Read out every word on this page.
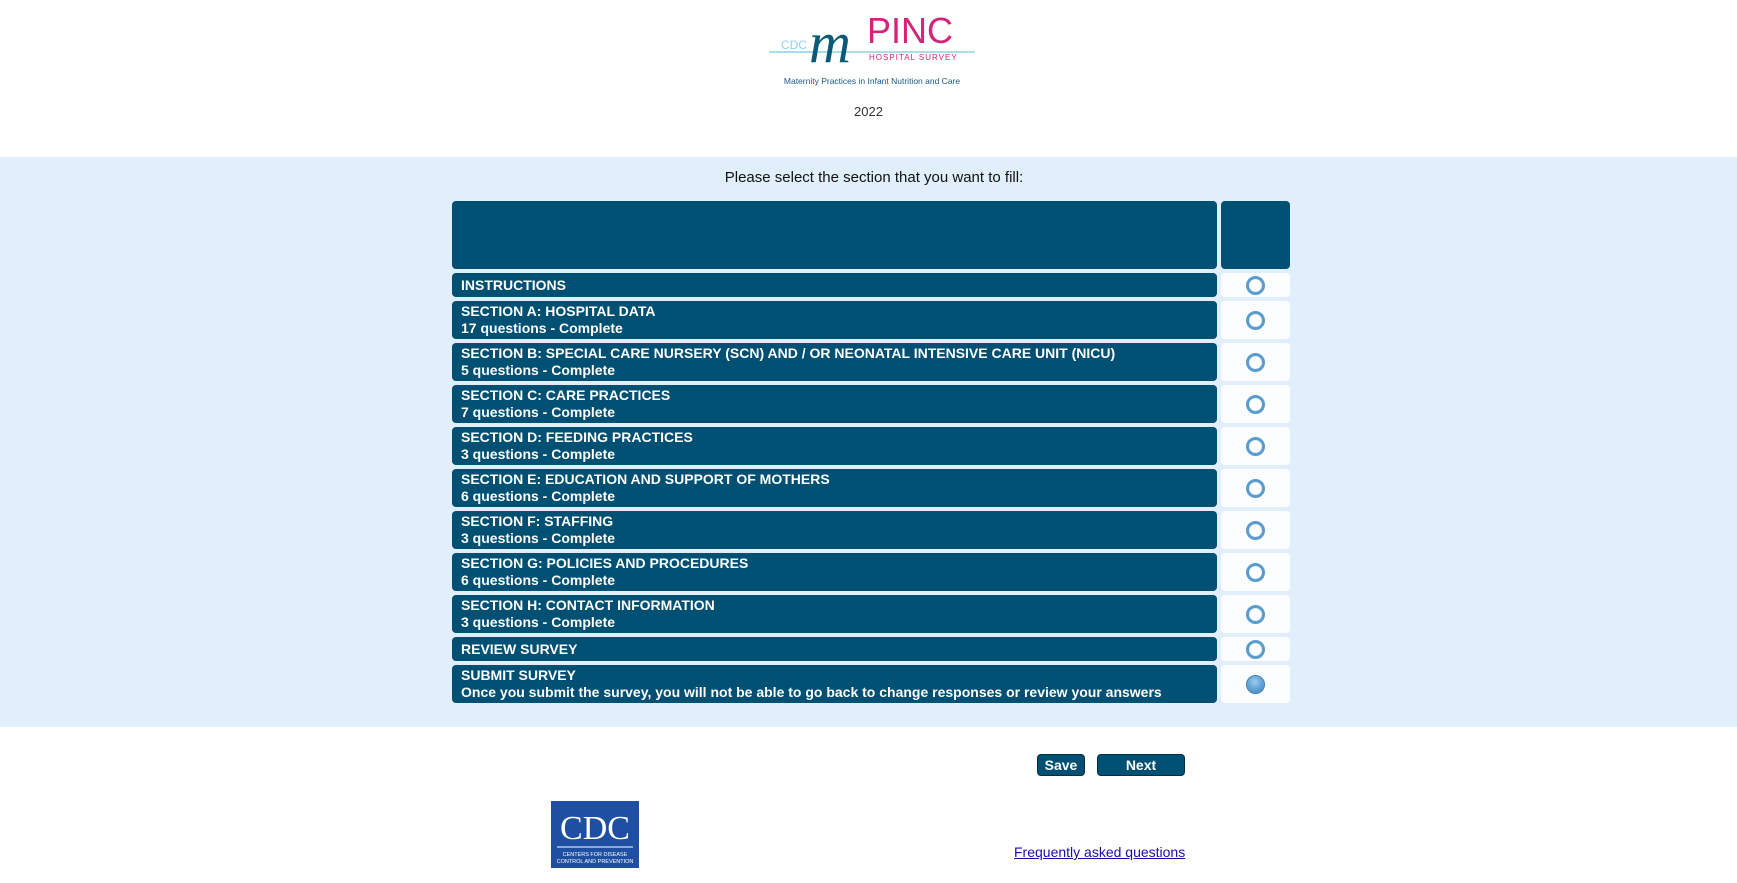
CDC m PINC
HOSPITAL SURVEY
Maternity Practices in Infant Nutrition and Care
2022
Please select the section that you want to fill:
INSTRUCTIONS
SECTION A: HOSPITAL DATA
17 questions - Complete
SECTION B: SPECIAL CARE NURSERY (SCN) AND / OR NEONATAL INTENSIVE CARE UNIT (NICU)
5 questions - Complete
SECTION C: CARE PRACTICES
7 questions - Complete
SECTION D: FEEDING PRACTICES
3 questions - Complete
SECTION E: EDUCATION AND SUPPORT OF MOTHERS
6 questions - Complete
SECTION F: STAFFING
3 questions - Complete
SECTION G: POLICIES AND PROCEDURES
6 questions - Complete
SECTION H: CONTACT INFORMATION
3 questions - Complete
REVIEW SURVEY
SUBMIT SURVEY
Once you submit the survey, you will not be able to go back to change responses or review your answers
Save	Next
CDC
CENTERS FOR DISEASE
CONTROL AND PREVENTION
Frequently asked questions
